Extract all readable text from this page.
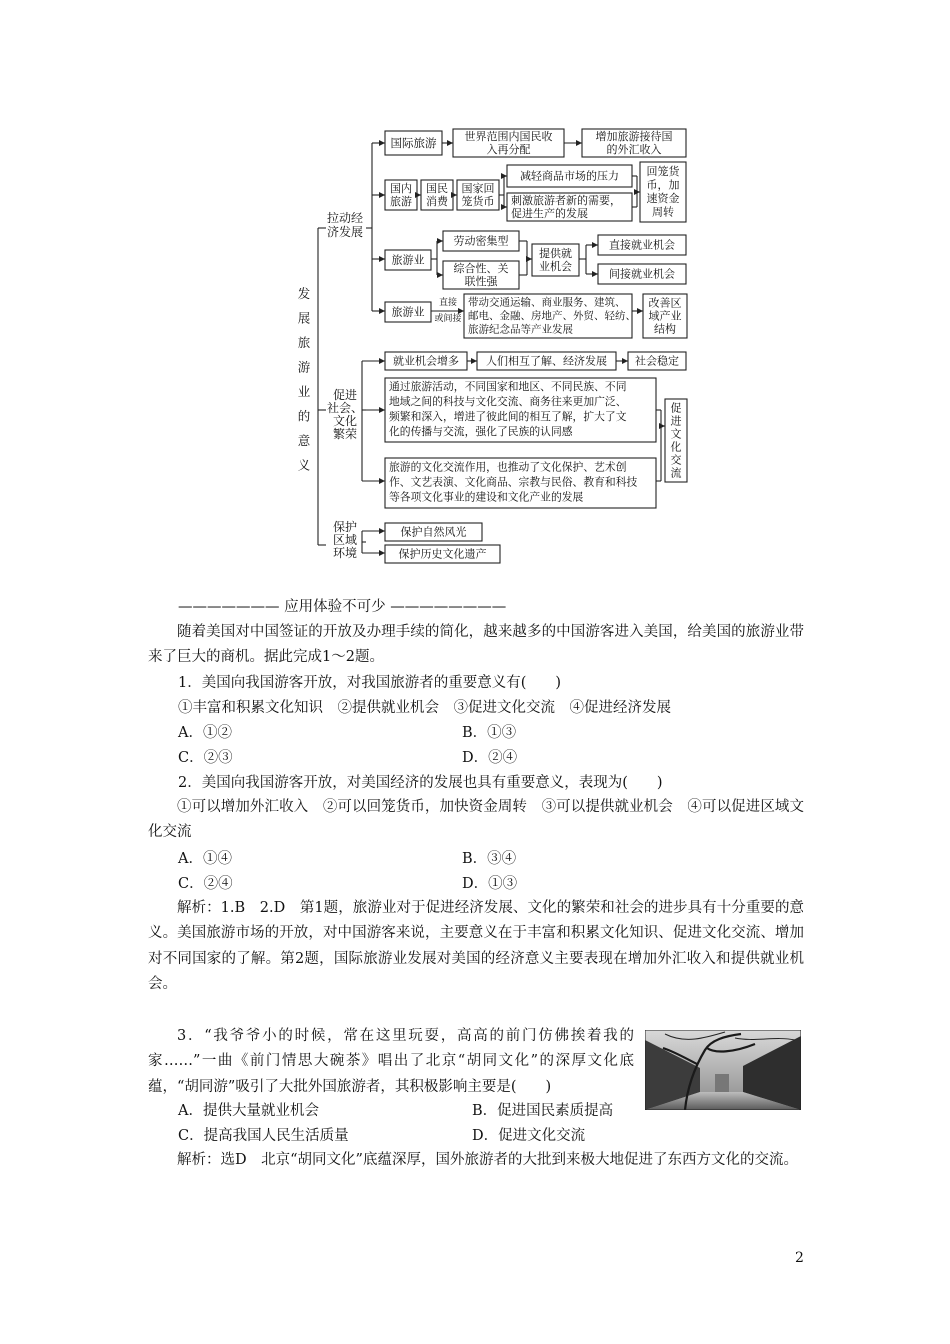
发
展
旅
游
业
的
意
义
拉动经
济发展
促进
社会、
文化
繁荣
保护
区域
环境
国际旅游	世界范围内国民收
入再分配
增加旅游接待国
的外汇收入
国内
旅游
国民
消费
国家回
笼货币
减轻商品市场的压力
刺激旅游者新的需要，
促进生产的发展
回笼货
币，加
速资金
周转
旅游业
劳动密集型
综合性、关
联性强
提供就
业机会
直接就业机会
间接就业机会
旅游业
直接
或间接
带动交通运输、商业服务、建筑、
邮电、金融、房地产、外贸、轻纺、
旅游纪念品等产业发展
改善区
域产业
结构
就业机会增多 人们相互了解、经济发展	社会稳定
通过旅游活动，不同国家和地区、不同民族、不同
地域之间的科技与文化交流、商务往来更加广泛、
频繁和深入，增进了彼此间的相互了解，扩大了文
化的传播与交流，强化了民族的认同感
旅游的文化交流作用，也推动了文化保护、艺术创
作、文艺表演、文化商品、宗教与民俗、教育和科技
等各项文化事业的建设和文化产业的发展
促
进
文
化
交
流
保护自然风光
保护历史文化遗产
——————— 应用体验不可少 ————————
随着美国对中国签证的开放及办理手续的简化，越来越多的中国游客进入美国，给美国的旅游业带来了巨大的商机。据此完成1～2题。
1．美国向我国游客开放，对我国旅游者的重要意义有(　　)
①丰富和积累文化知识　②提供就业机会　③促进文化交流　④促进经济发展
A．①②	B．①③
C．②③	D．②④
2．美国向我国游客开放，对美国经济的发展也具有重要意义，表现为(　　)
①可以增加外汇收入　②可以回笼货币，加快资金周转　③可以提供就业机会　④可以促进区域文化交流
A．①④	B．③④
C．②④	D．①③
解析：1.B　2.D　第1题，旅游业对于促进经济发展、文化的繁荣和社会的进步具有十分重要的意义。美国旅游市场的开放，对中国游客来说，主要意义在于丰富和积累文化知识、促进文化交流、增加对不同国家的了解。第2题，国际旅游业发展对美国的经济意义主要表现在增加外汇收入和提供就业机会。
3．“我爷爷小的时候，常在这里玩耍，高高的前门仿佛挨着我的家……”一曲《前门情思大碗茶》唱出了北京“胡同文化”的深厚文化底蕴，“胡同游”吸引了大批外国旅游者，其积极影响主要是(　　)
A．提供大量就业机会	B．促进国民素质提高
C．提高我国人民生活质量	D．促进文化交流
解析：选D　北京“胡同文化”底蕴深厚，国外旅游者的大批到来极大地促进了东西方文化的交流。
2
